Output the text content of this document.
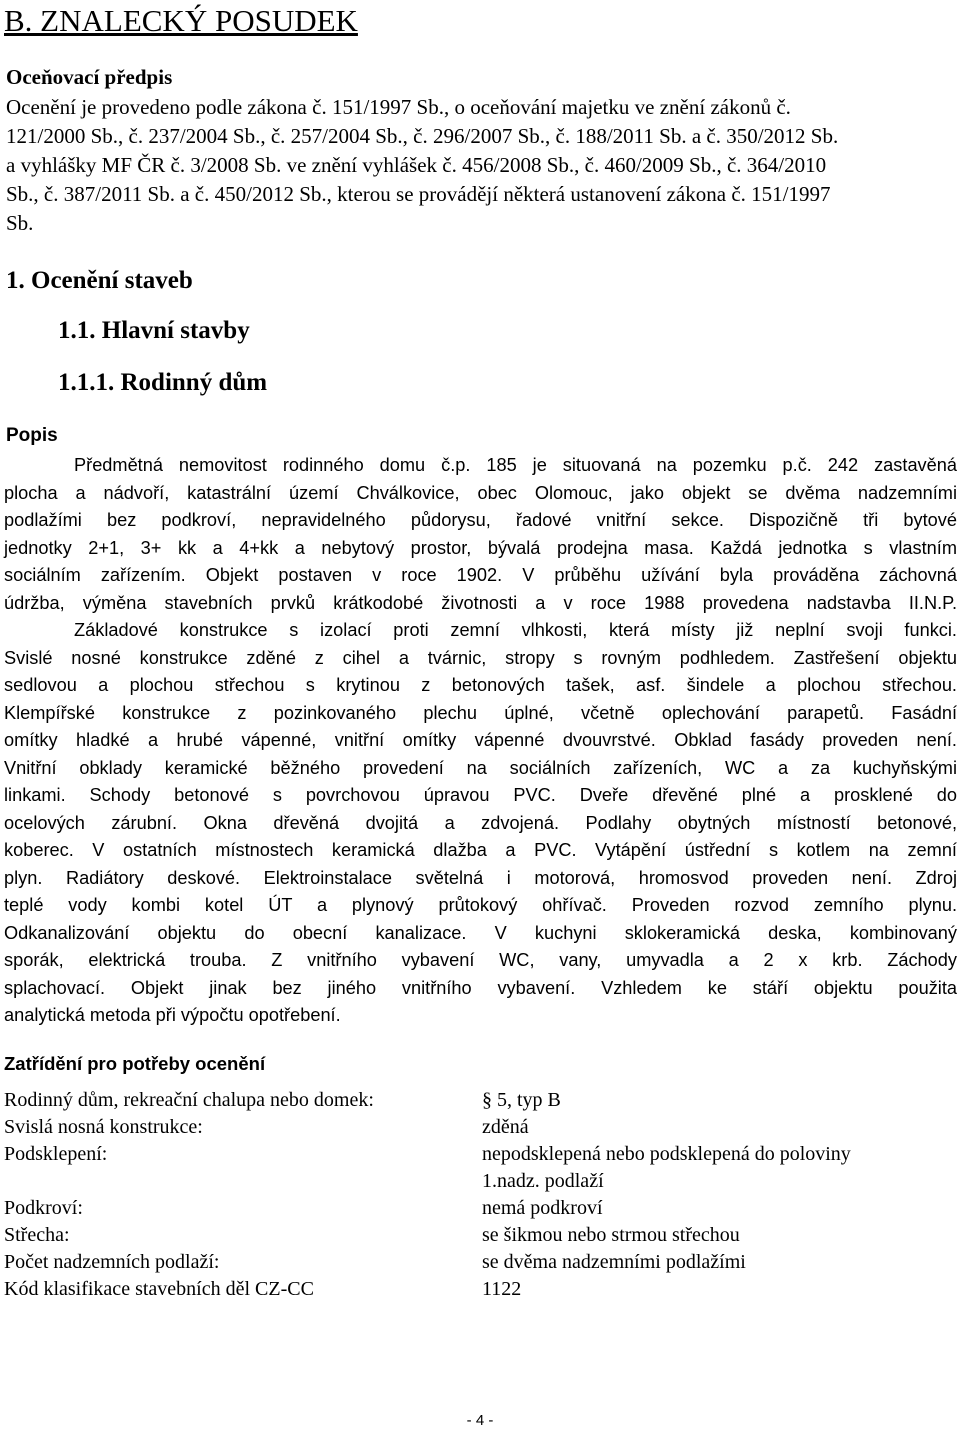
B. ZNALECKÝ POSUDEK
Oceňovací předpis
Ocenění je provedeno podle zákona č. 151/1997 Sb., o oceňování majetku ve znění zákonů č.
121/2000 Sb., č. 237/2004 Sb., č. 257/2004 Sb., č. 296/2007 Sb., č. 188/2011 Sb. a č. 350/2012 Sb.
a vyhlášky MF ČR č. 3/2008 Sb. ve znění vyhlášek č. 456/2008 Sb., č. 460/2009 Sb., č. 364/2010
Sb., č. 387/2011 Sb. a č. 450/2012 Sb., kterou se provádějí některá ustanovení zákona č. 151/1997
Sb.
1. Ocenění staveb
1.1. Hlavní stavby
1.1.1. Rodinný dům
Popis
Předmětná nemovitost rodinného domu č.p. 185 je situovaná na pozemku p.č. 242 zastavěná
plocha a nádvoří, katastrální území Chválkovice, obec Olomouc, jako objekt se dvěma nadzemními
podlažími bez podkroví, nepravidelného půdorysu, řadové vnitřní sekce. Dispozičně tři bytové
jednotky 2+1, 3+ kk a 4+kk a nebytový prostor, bývalá prodejna masa. Každá jednotka s vlastním
sociálním zařízením. Objekt postaven v roce 1902. V průběhu užívání byla prováděna záchovná
údržba, výměna stavebních prvků krátkodobé životnosti a v roce 1988 provedena nadstavba II.N.P.
Základové konstrukce s izolací proti zemní vlhkosti, která místy již neplní svoji funkci.
Svislé nosné konstrukce zděné z cihel a tvárnic, stropy s rovným podhledem. Zastřešení objektu
sedlovou a plochou střechou s krytinou z betonových tašek, asf. šindele a plochou střechou.
Klempířské konstrukce z pozinkovaného plechu úplné, včetně oplechování parapetů. Fasádní
omítky hladké a hrubé vápenné, vnitřní omítky vápenné dvouvrstvé. Obklad fasády proveden není.
Vnitřní obklady keramické běžného provedení na sociálních zařízeních, WC a za kuchyňskými
linkami. Schody betonové s povrchovou úpravou PVC. Dveře dřevěné plné a prosklené do
ocelových zárubní. Okna dřevěná dvojitá a zdvojená. Podlahy obytných místností betonové,
koberec. V ostatních místnostech keramická dlažba a PVC. Vytápění ústřední s kotlem na zemní
plyn. Radiátory deskové. Elektroinstalace světelná i motorová, hromosvod proveden není. Zdroj
teplé vody kombi kotel ÚT a plynový průtokový ohřívač. Proveden rozvod zemního plynu.
Odkanalizování objektu do obecní kanalizace. V kuchyni sklokeramická deska, kombinovaný
sporák, elektrická trouba. Z vnitřního vybavení WC, vany, umyvadla a 2 x krb. Záchody
splachovací. Objekt jinak bez jiného vnitřního vybavení. Vzhledem ke stáří objektu použita
analytická metoda při výpočtu opotřebení.
Zatřídění pro potřeby ocenění
Rodinný dům, rekreační chalupa nebo domek:	§ 5, typ B
Svislá nosná konstrukce:	zděná
Podsklepení:	nepodsklepená nebo podsklepená do poloviny
1.nadz. podlaží
Podkroví:	nemá podkroví
Střecha:	se šikmou nebo strmou střechou
Počet nadzemních podlaží:	se dvěma nadzemními podlažími
Kód klasifikace stavebních děl CZ-CC	1122
- 4 -
